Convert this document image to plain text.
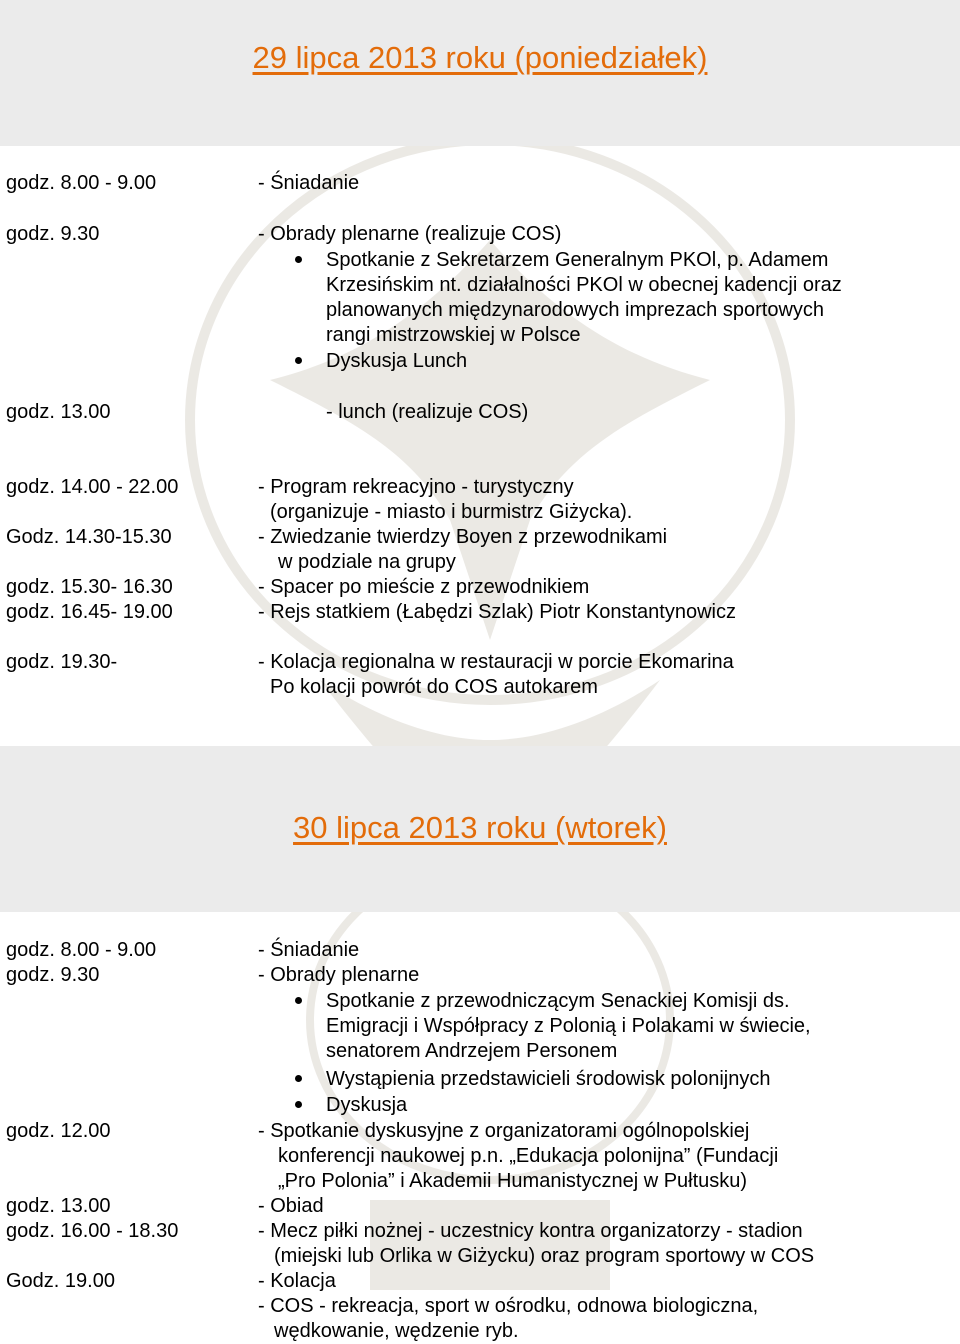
29 lipca 2013 roku (poniedziałek)
godz. 8.00 - 9.00	- Śniadanie
godz. 9.30	- Obrady plenarne (realizuje COS)
Spotkanie z Sekretarzem Generalnym PKOl, p. Adamem
Krzesińskim nt. działalności PKOl w obecnej kadencji oraz
planowanych międzynarodowych imprezach sportowych
rangi mistrzowskiej w Polsce
Dyskusja Lunch
godz. 13.00	- lunch (realizuje COS)
godz. 14.00 - 22.00	- Program rekreacyjno - turystyczny
(organizuje - miasto i burmistrz Giżycka).
Godz. 14.30-15.30	- Zwiedzanie twierdzy Boyen z przewodnikami
w podziale na grupy
godz. 15.30- 16.30	- Spacer po mieście z przewodnikiem
godz. 16.45- 19.00	- Rejs statkiem (Łabędzi Szlak) Piotr Konstantynowicz
godz. 19.30-	- Kolacja regionalna w restauracji w porcie Ekomarina
Po kolacji powrót do COS autokarem
30 lipca 2013 roku (wtorek)
godz. 8.00 - 9.00	- Śniadanie
godz. 9.30	- Obrady plenarne
Spotkanie z przewodniczącym Senackiej Komisji ds.
Emigracji i Współpracy z Polonią i Polakami w świecie,
senatorem Andrzejem Personem
Wystąpienia przedstawicieli środowisk polonijnych
Dyskusja
godz. 12.00	- Spotkanie dyskusyjne z organizatorami ogólnopolskiej
konferencji naukowej p.n. „Edukacja polonijna” (Fundacji
„Pro Polonia” i Akademii Humanistycznej w Pułtusku)
godz. 13.00	- Obiad
godz. 16.00 - 18.30	- Mecz piłki nożnej - uczestnicy kontra organizatorzy - stadion
(miejski lub Orlika w Giżycku) oraz program sportowy w COS
Godz. 19.00	- Kolacja
- COS - rekreacja, sport w ośrodku, odnowa biologiczna,
wędkowanie, wędzenie ryb.
